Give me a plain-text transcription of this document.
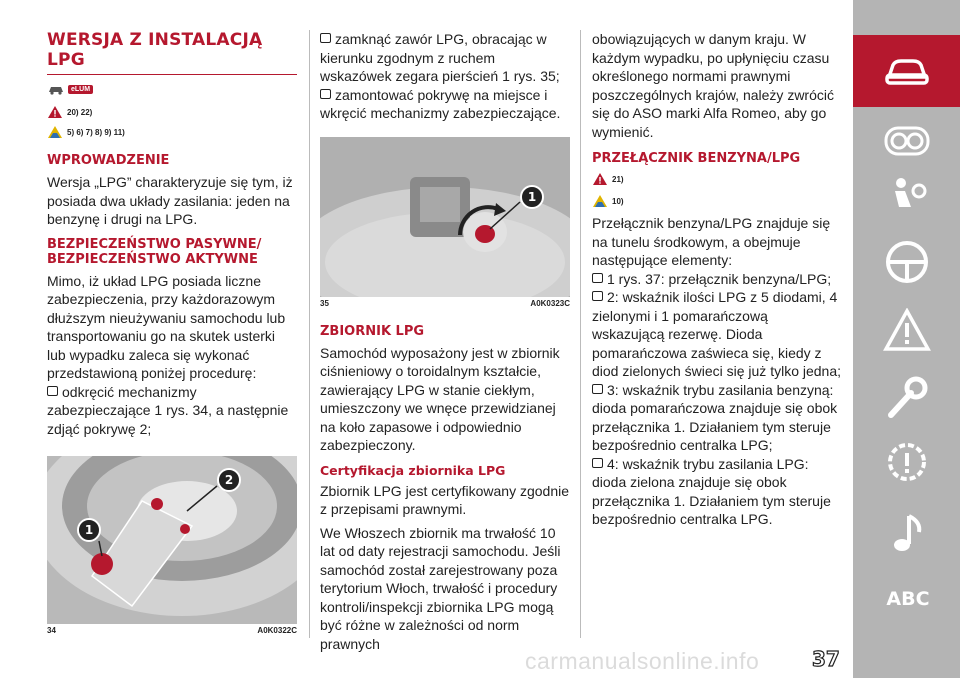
WERSJA Z INSTALACJĄ LPG
eLUM
20) 22)
5) 6) 7) 8) 9) 11)
WPROWADZENIE

Wersja „LPG” charakteryzuje się tym, iż posiada dwa układy zasilania: jeden na benzynę i drugi na LPG.

BEZPIECZEŃSTWO PASYWNE/
BEZPIECZEŃSTWO AKTYWNE

Mimo, iż układ LPG posiada liczne zabezpieczenia, przy każdorazowym dłuższym nieużywaniu samochodu lub transportowaniu go na skutek usterki lub wypadku zaleca się wykonać przedstawioną poniżej procedurę:

odkręcić mechanizmy zabezpieczające 1 rys. 34, a następnie zdjąć pokrywę 2;
1
2
34	A0K0322C
zamknąć zawór LPG, obracając w kierunku zgodnym z ruchem wskazówek zegara pierścień 1 rys. 35;
zamontować pokrywę na miejsce i wkręcić mechanizmy zabezpieczające.
1
35	A0K0323C
ZBIORNIK LPG

Samochód wyposażony jest w zbiornik ciśnieniowy o toroidalnym kształcie, zawierający LPG w stanie ciekłym, umieszczony we wnęce przewidzianej na koło zapasowe i odpowiednio zabezpieczony.

Certyfikacja zbiornika LPG

Zbiornik LPG jest certyfikowany zgodnie z przepisami prawnymi.

We Włoszech zbiornik ma trwałość 10 lat od daty rejestracji samochodu. Jeśli samochód został zarejestrowany poza terytorium Włoch, trwałość i procedury kontroli/inspekcji zbiornika LPG mogą być różne w zależności od norm prawnych

obowiązujących w danym kraju. W każdym wypadku, po upłynięciu czasu określonego normami prawnymi poszczególnych krajów, należy zwrócić się do ASO marki Alfa Romeo, aby go wymienić.

PRZEŁĄCZNIK BENZYNA/LPG
21)
10)

Przełącznik benzyna/LPG znajduje się na tunelu środkowym, a obejmuje następujące elementy:

1 rys. 37: przełącznik benzyna/LPG;
2: wskaźnik ilości LPG z 5 diodami, 4 zielonymi i 1 pomarańczową wskazującą rezerwę. Dioda pomarańczowa zaświeca się, kiedy z diod zielonych świeci się już tylko jedna;
3: wskaźnik trybu zasilania benzyną: dioda pomarańczowa znajduje się obok przełącznika 1. Działaniem tym steruje bezpośrednio centralka LPG;
4: wskaźnik trybu zasilania LPG: dioda zielona znajduje się obok przełącznika 1. Działaniem tym steruje bezpośrednio centralka LPG.
ABC
carmanualsonline.info	37
